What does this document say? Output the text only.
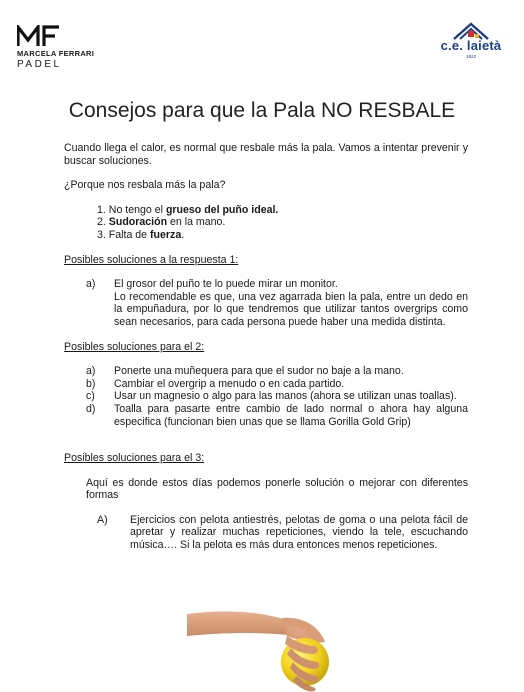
MARCELA FERRARI
PADEL
c.e. laietà
1922
Consejos para que la Pala NO RESBALE

Cuando llega el calor, es normal que resbale más la pala. Vamos a intentar prevenir y buscar soluciones.

¿Porque nos resbala más la pala?

1. No tengo el grueso del puño ideal.
2. Sudoración en la mano.
3. Falta de fuerza.

Posibles soluciones a la respuesta 1:

a)	El grosor del puño te lo puede mirar un monitor.
Lo recomendable es que, una vez agarrada bien la pala, entre un dedo en la empuñadura, por lo que tendremos que utilizar tantos overgrips como sean necesarios, para cada persona puede haber una medida distinta.

Posibles soluciones para el 2:

a)	Ponerte una muñequera para que el sudor no baje a la mano.
b)	Cambiar el overgrip a menudo o en cada partido.
c)	Usar un magnesio o algo para las manos (ahora se utilizan unas toallas).
d)	Toalla para pasarte entre cambio de lado normal o ahora hay alguna especifica (funcionan bien unas que se llama Gorilla Gold Grip)

Posibles soluciones para el 3:

Aquí es donde estos días podemos ponerle solución o mejorar con diferentes formas

A)	Ejercicios con pelota antiestrés, pelotas de goma o una pelota fácil de apretar y realizar muchas repeticiones, viendo la tele, escuchando música…. Si la pelota es más dura entonces menos repeticiones.
